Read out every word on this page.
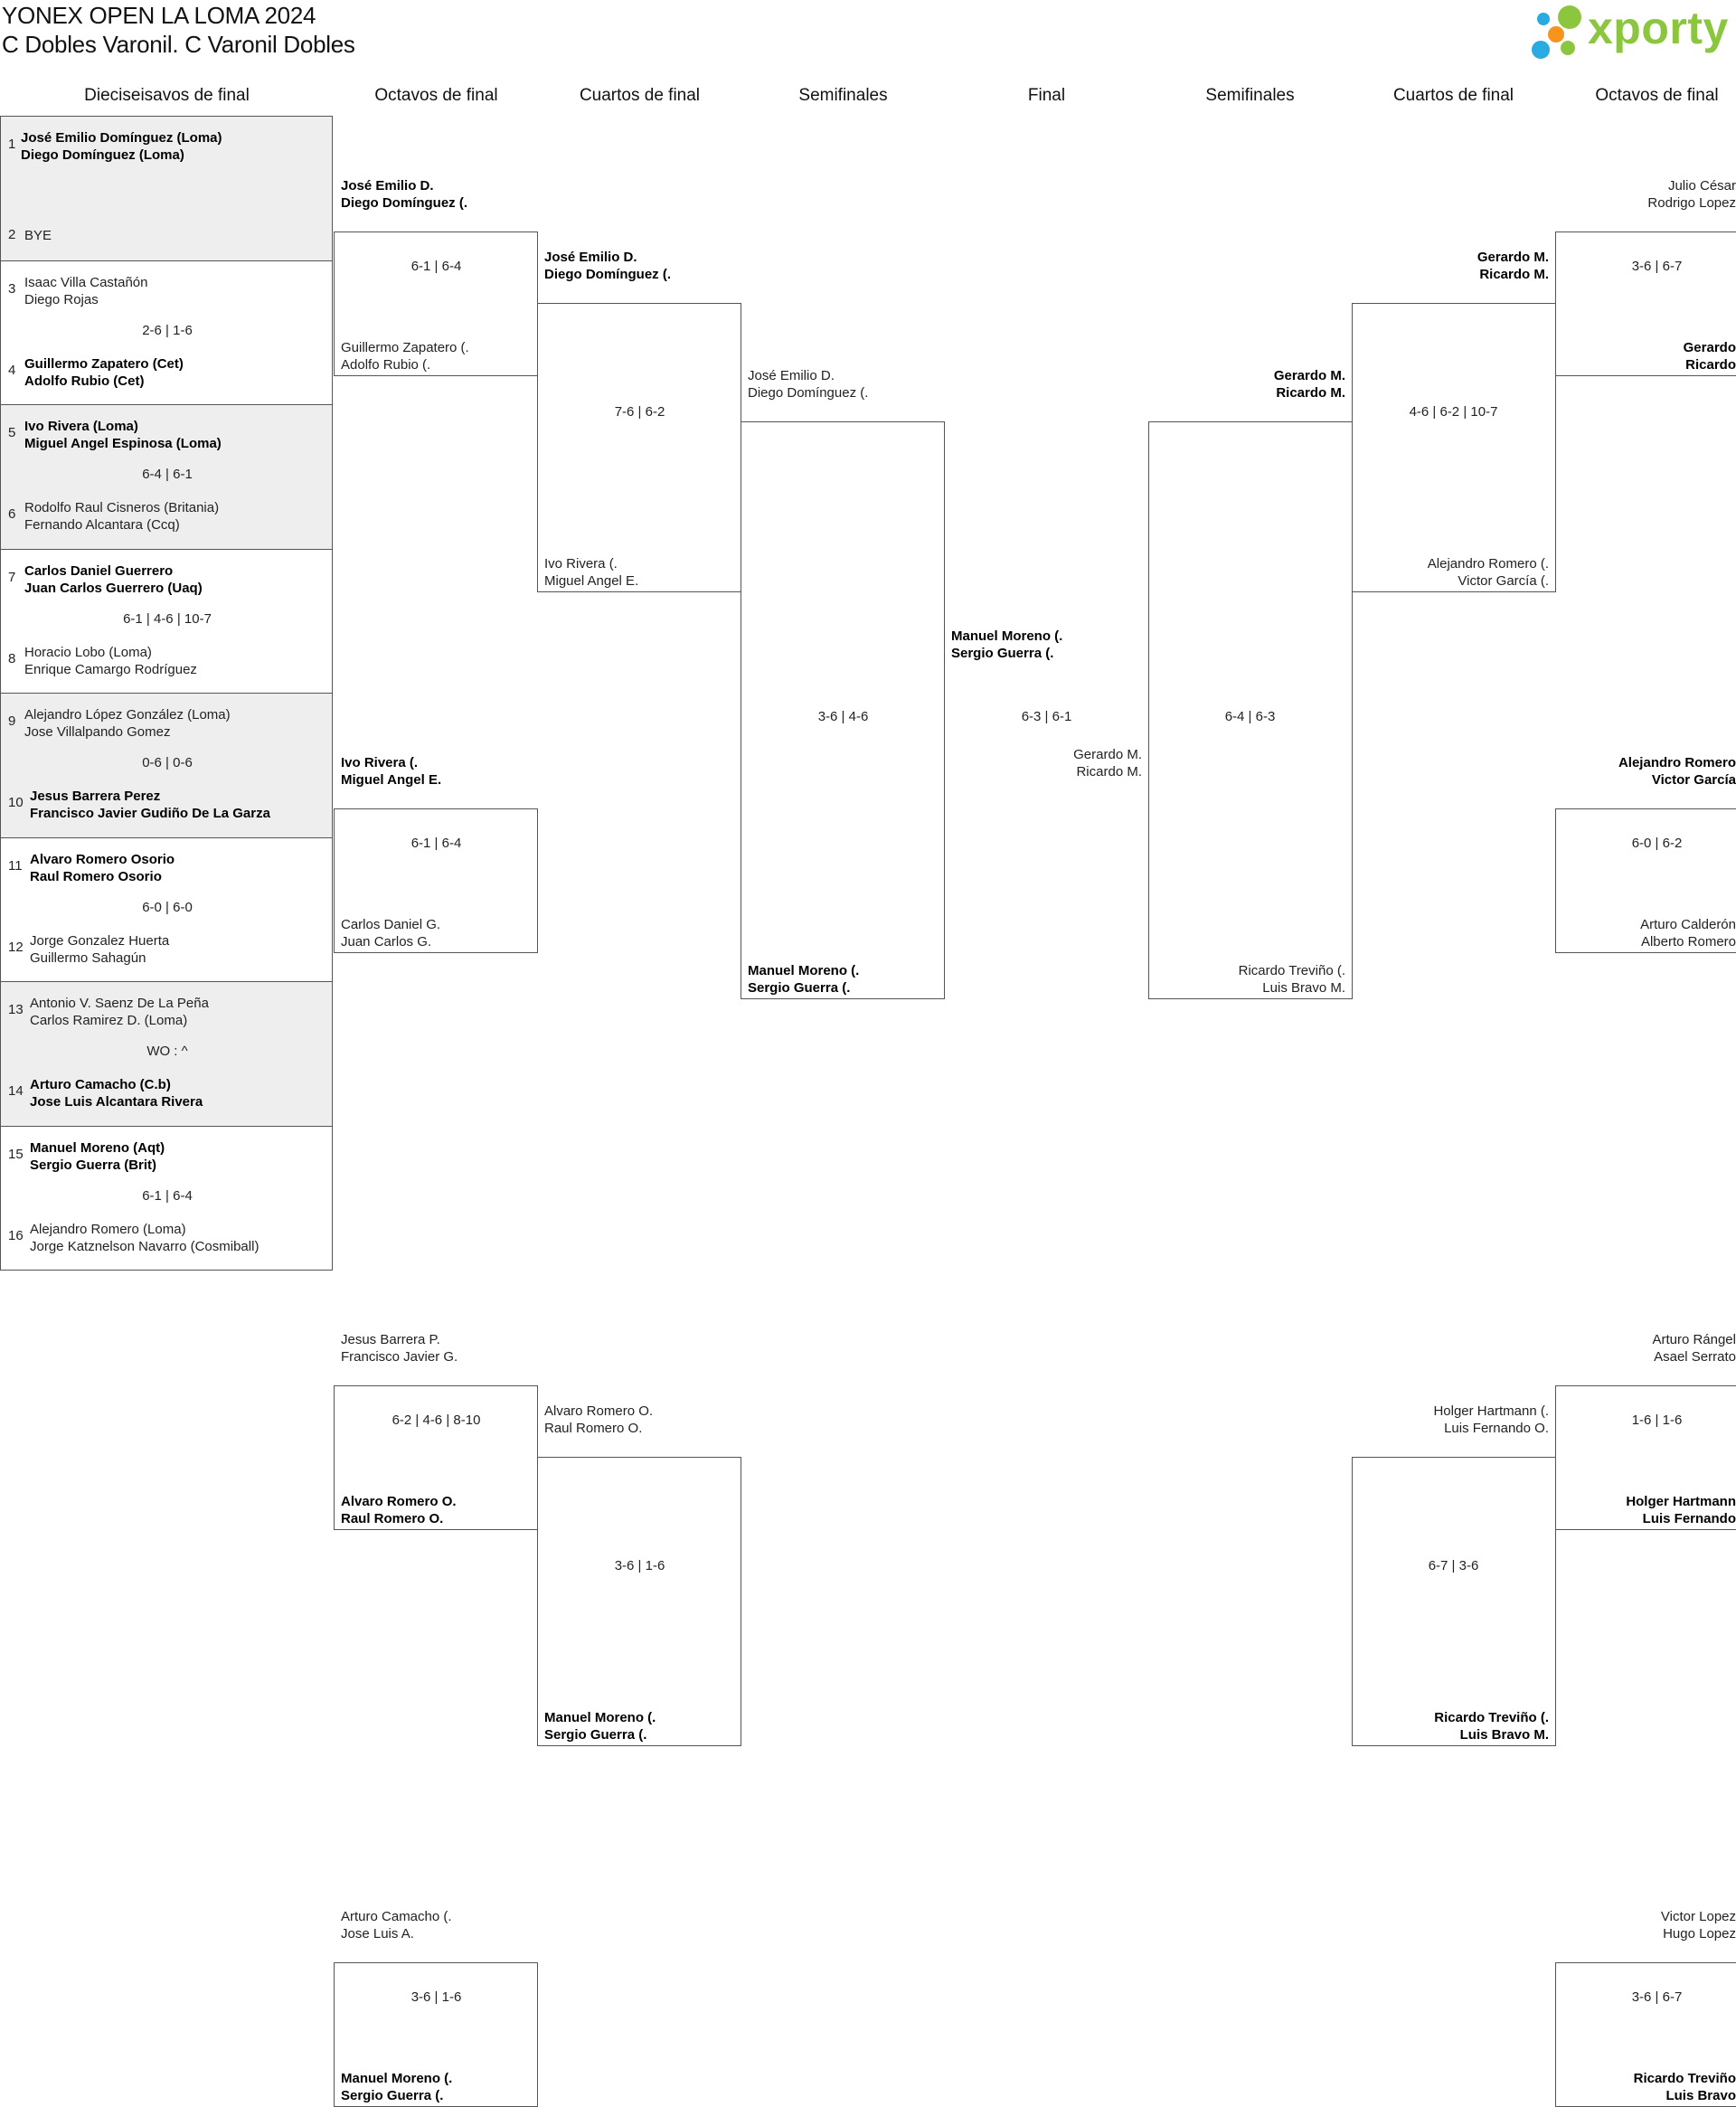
YONEX OPEN LA LOMA 2024
C Dobles Varonil. C Varonil Dobles	xporty
Dieciseisavos de final	Octavos de final	Cuartos de final	Semifinales	Final	Semifinales	Cuartos de final	Octavos de final
1 José Emilio Domínguez (Loma)
Diego Domínguez (Loma)
2 BYE
3 Isaac Villa Castañón
Diego Rojas
4 Guillermo Zapatero (Cet)
Adolfo Rubio (Cet)
2-6 | 1-6
5 Ivo Rivera (Loma)
Miguel Angel Espinosa (Loma)
6 Rodolfo Raul Cisneros (Britania)
Fernando Alcantara (Ccq)
6-4 | 6-1
7 Carlos Daniel Guerrero
Juan Carlos Guerrero (Uaq)
8 Horacio Lobo (Loma)
Enrique Camargo Rodríguez
6-1 | 4-6 | 10-7
9 Alejandro López González (Loma)
Jose Villalpando Gomez
10 Jesus Barrera Perez
Francisco Javier Gudiño De La Garza
0-6 | 0-6
11 Alvaro Romero Osorio
Raul Romero Osorio
12 Jorge Gonzalez Huerta
Guillermo Sahagún
6-0 | 6-0
13 Antonio V. Saenz De La Peña
Carlos Ramirez D. (Loma)
14 Arturo Camacho (C.b)
Jose Luis Alcantara Rivera
WO : ^
15 Manuel Moreno (Aqt)
Sergio Guerra (Brit)
16 Alejandro Romero (Loma)
Jorge Katznelson Navarro (Cosmiball)
6-1 | 6-4
José Emilio D.
Diego Domínguez (.
Guillermo Zapatero (.
Adolfo Rubio (.
Ivo Rivera (.
Miguel Angel E.
Carlos Daniel G.
Juan Carlos G.
Jesus Barrera P.
Francisco Javier G.
Alvaro Romero O.
Raul Romero O.
Arturo Camacho (.
Jose Luis A.
Manuel Moreno (.
Sergio Guerra (.
6-1 | 6-4
6-1 | 6-4
6-2 | 4-6 | 8-10
3-6 | 1-6
José Emilio D.
Diego Domínguez (.
Ivo Rivera (.
Miguel Angel E.
Alvaro Romero O.
Raul Romero O.
Manuel Moreno (.
Sergio Guerra (.
7-6 | 6-2
3-6 | 1-6
José Emilio D.
Diego Domínguez (.
Manuel Moreno (.
Sergio Guerra (.
3-6 | 4-6
Manuel Moreno (.
Sergio Guerra (.
6-3 | 6-1
Gerardo M.
Ricardo M.
Gerardo M.
Ricardo M.
Ricardo Treviño (.
Luis Bravo M.
6-4 | 6-3
Gerardo M.
Ricardo M.
Alejandro Romero (.
Victor García (.
Holger Hartmann (.
Luis Fernando O.
Ricardo Treviño (.
Luis Bravo M.
4-6 | 6-2 | 10-7
6-7 | 3-6
Julio César
Rodrigo Lopez
Gerardo
Ricardo
Alejandro Romero
Victor García
Arturo Calderón
Alberto Romero
Arturo Rángel
Asael Serrato
Holger Hartmann
Luis Fernando
Victor Lopez
Hugo Lopez
Ricardo Treviño
Luis Bravo
3-6 | 6-7
6-0 | 6-2
1-6 | 1-6
3-6 | 6-7
